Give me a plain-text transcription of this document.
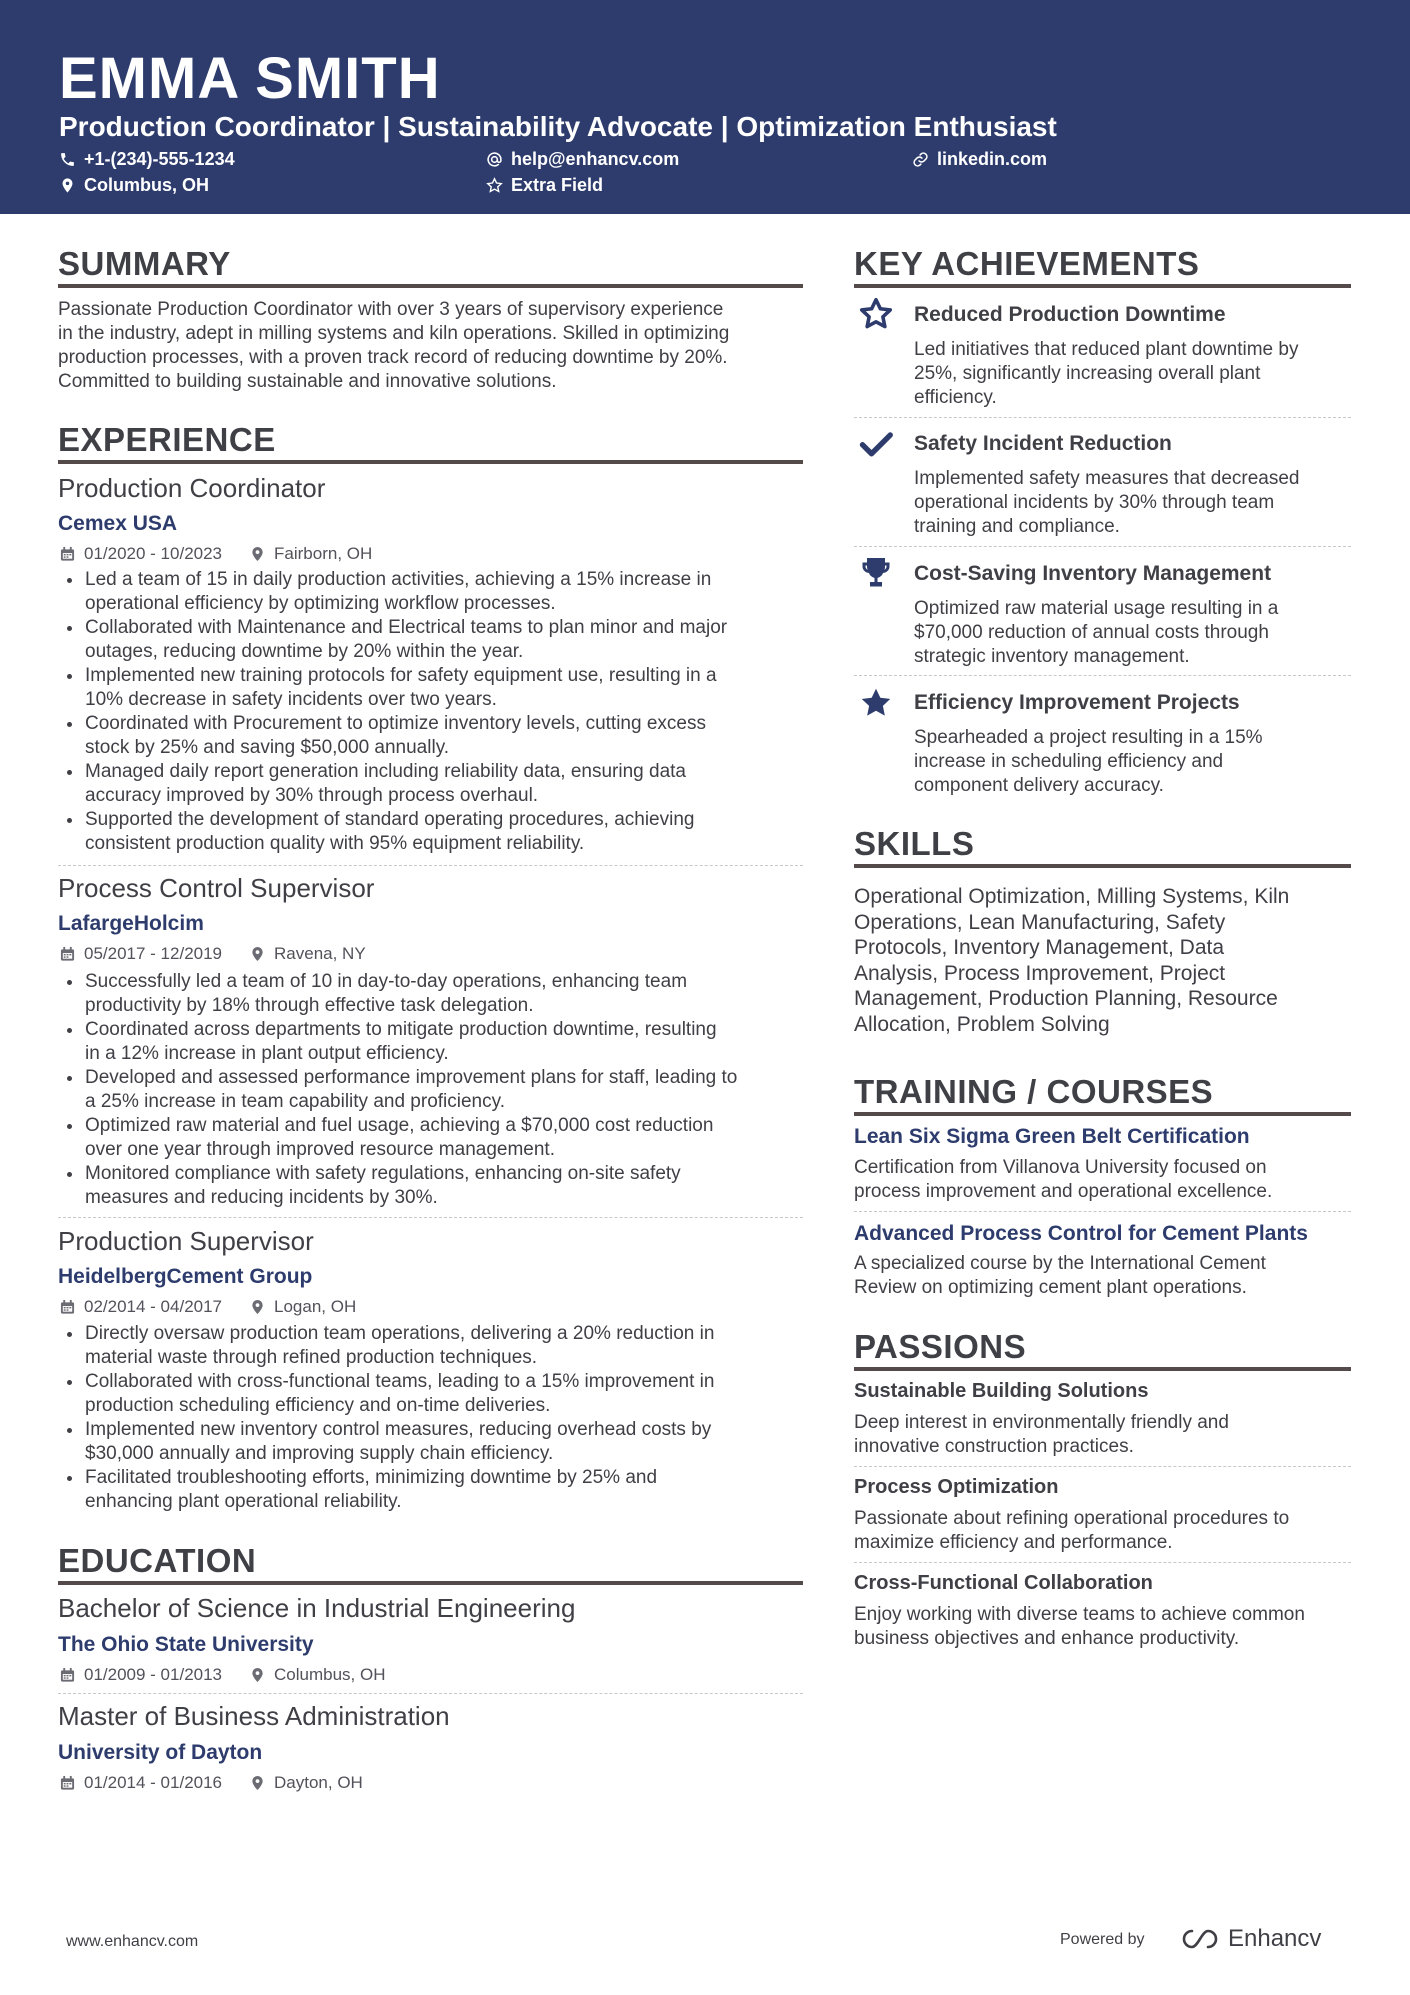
EMMA SMITH
Production Coordinator | Sustainability Advocate | Optimization Enthusiast
+1-(234)-555-1234	help@enhancv.com	linkedin.com
Columbus, OH	Extra Field
SUMMARY
Passionate Production Coordinator with over 3 years of supervisory experience
in the industry, adept in milling systems and kiln operations. Skilled in optimizing
production processes, with a proven track record of reducing downtime by 20%.
Committed to building sustainable and innovative solutions.
EXPERIENCE
Production Coordinator
Cemex USA
01/2020 - 10/2023	Fairborn, OH
Led a team of 15 in daily production activities, achieving a 15% increase in
operational efficiency by optimizing workflow processes.
Collaborated with Maintenance and Electrical teams to plan minor and major
outages, reducing downtime by 20% within the year.
Implemented new training protocols for safety equipment use, resulting in a
10% decrease in safety incidents over two years.
Coordinated with Procurement to optimize inventory levels, cutting excess
stock by 25% and saving $50,000 annually.
Managed daily report generation including reliability data, ensuring data
accuracy improved by 30% through process overhaul.
Supported the development of standard operating procedures, achieving
consistent production quality with 95% equipment reliability.
Process Control Supervisor
LafargeHolcim
05/2017 - 12/2019	Ravena, NY
Successfully led a team of 10 in day-to-day operations, enhancing team
productivity by 18% through effective task delegation.
Coordinated across departments to mitigate production downtime, resulting
in a 12% increase in plant output efficiency.
Developed and assessed performance improvement plans for staff, leading to
a 25% increase in team capability and proficiency.
Optimized raw material and fuel usage, achieving a $70,000 cost reduction
over one year through improved resource management.
Monitored compliance with safety regulations, enhancing on-site safety
measures and reducing incidents by 30%.
Production Supervisor
HeidelbergCement Group
02/2014 - 04/2017	Logan, OH
Directly oversaw production team operations, delivering a 20% reduction in
material waste through refined production techniques.
Collaborated with cross-functional teams, leading to a 15% improvement in
production scheduling efficiency and on-time deliveries.
Implemented new inventory control measures, reducing overhead costs by
$30,000 annually and improving supply chain efficiency.
Facilitated troubleshooting efforts, minimizing downtime by 25% and
enhancing plant operational reliability.
EDUCATION
Bachelor of Science in Industrial Engineering
The Ohio State University
01/2009 - 01/2013	Columbus, OH
Master of Business Administration
University of Dayton
01/2014 - 01/2016	Dayton, OH
KEY ACHIEVEMENTS
Reduced Production Downtime
Led initiatives that reduced plant downtime by
25%, significantly increasing overall plant
efficiency.
Safety Incident Reduction
Implemented safety measures that decreased
operational incidents by 30% through team
training and compliance.
Cost-Saving Inventory Management
Optimized raw material usage resulting in a
$70,000 reduction of annual costs through
strategic inventory management.
Efficiency Improvement Projects
Spearheaded a project resulting in a 15%
increase in scheduling efficiency and
component delivery accuracy.
SKILLS
Operational Optimization, Milling Systems, Kiln
Operations, Lean Manufacturing, Safety
Protocols, Inventory Management, Data
Analysis, Process Improvement, Project
Management, Production Planning, Resource
Allocation, Problem Solving
TRAINING / COURSES
Lean Six Sigma Green Belt Certification
Certification from Villanova University focused on
process improvement and operational excellence.
Advanced Process Control for Cement Plants
A specialized course by the International Cement
Review on optimizing cement plant operations.
PASSIONS
Sustainable Building Solutions
Deep interest in environmentally friendly and
innovative construction practices.
Process Optimization
Passionate about refining operational procedures to
maximize efficiency and performance.
Cross-Functional Collaboration
Enjoy working with diverse teams to achieve common
business objectives and enhance productivity.
www.enhancv.com	Powered by	Enhancv
